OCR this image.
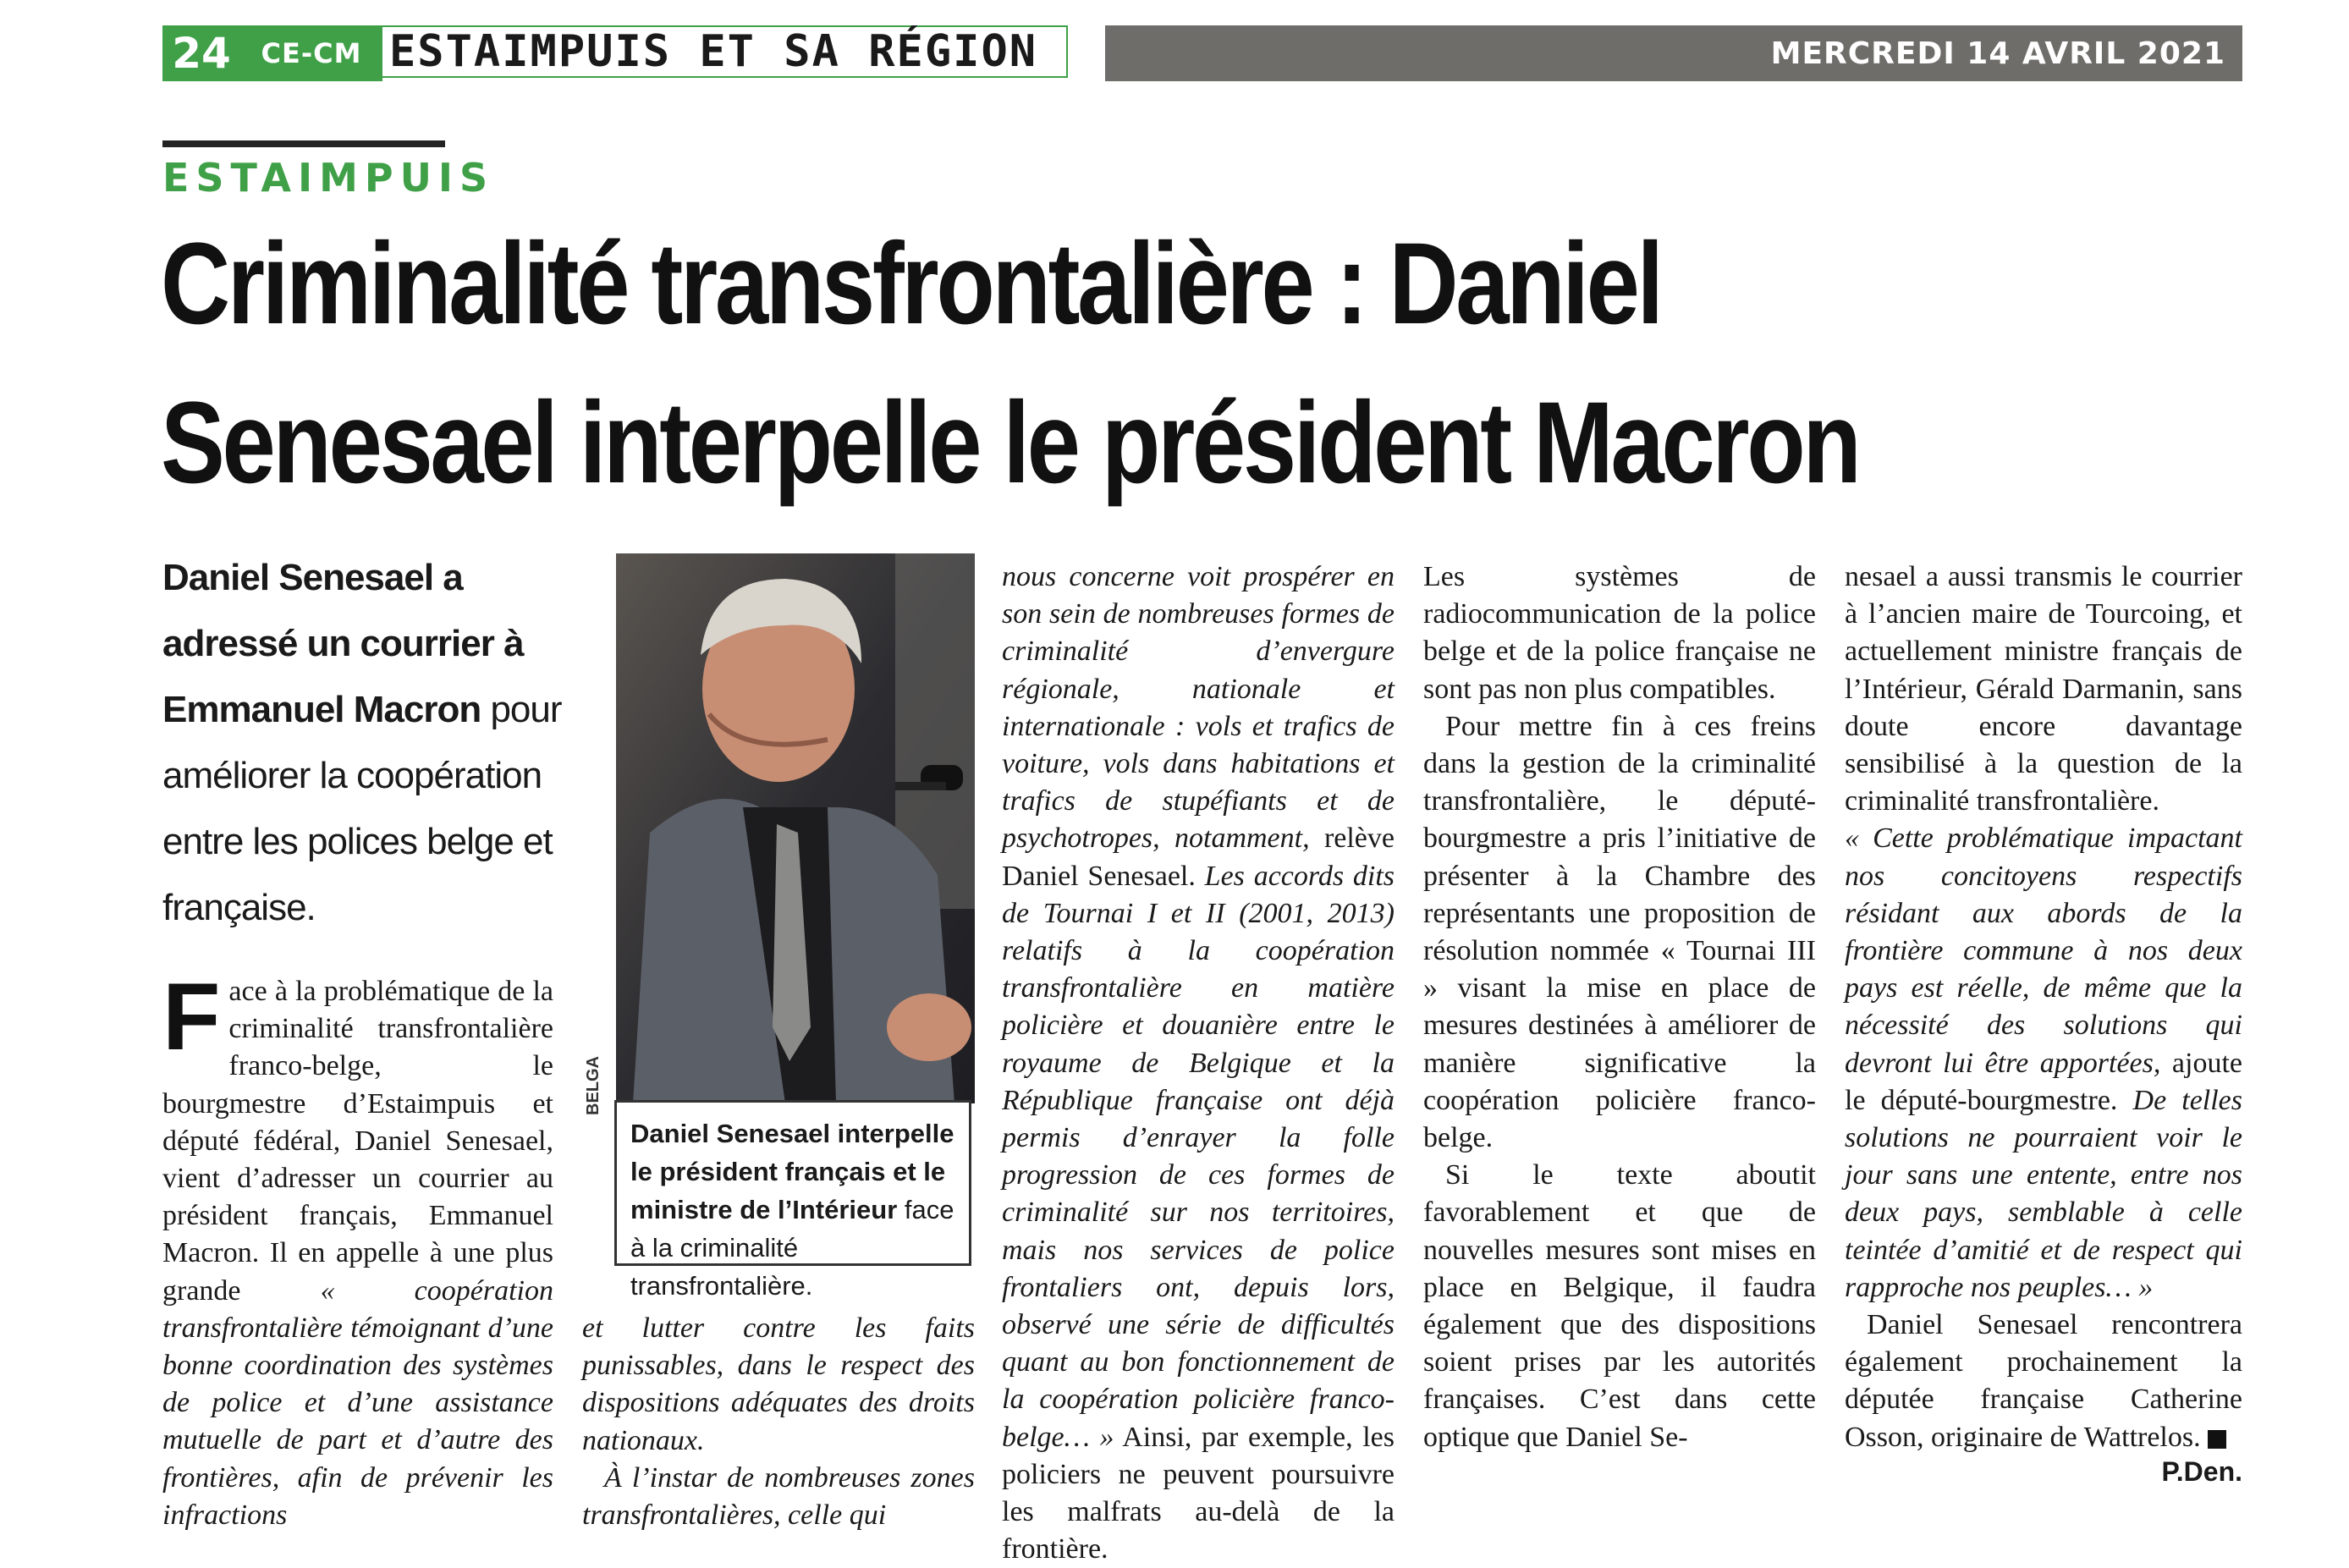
24	CE-CM ESTAIMPUIS ET SA RÉGION	MERCREDI 14 AVRIL 2021
ESTAIMPUIS
Criminalité transfrontalière : Daniel
Senesael interpelle le président Macron
Daniel Senesael a adressé un courrier à Emmanuel Macron pour améliorer la coopération entre les polices belge et française.
BELGA
Daniel Senesael interpelle le président français et le ministre de l’Intérieur face à la criminalité transfrontalière.

Face à la problématique de la criminalité transfrontalière franco-belge, le bourgmestre d’Estaimpuis et député fédéral, Daniel Senesael, vient d’adresser un courrier au président français, Emmanuel Macron. Il en appelle à une plus grande « coopération transfrontalière témoignant d’une bonne coordination des systèmes de police et d’une assistance mutuelle de part et d’autre des frontières, afin de prévenir les infractions

et lutter contre les faits punissables, dans le respect des dispositions adéquates des droits nationaux.

À l’instar de nombreuses zones transfrontalières, celle qui

nous concerne voit prospérer en son sein de nombreuses formes de criminalité d’envergure régionale, nationale et internationale : vols et trafics de voiture, vols dans habitations et trafics de stupéfiants et de psychotropes, notamment, relève Daniel Senesael. Les accords dits de Tournai I et II (2001, 2013) relatifs à la coopération transfrontalière en matière policière et douanière entre le royaume de Belgique et la République française ont déjà permis d’enrayer la folle progression de ces formes de criminalité sur nos territoires, mais nos services de police frontaliers ont, depuis lors, observé une série de difficultés quant au bon fonctionnement de la coopération policière franco-belge… » Ainsi, par exemple, les policiers ne peuvent poursuivre les malfrats au-delà de la frontière.

Les systèmes de radiocommunication de la police belge et de la police française ne sont pas non plus compatibles.

Pour mettre fin à ces freins dans la gestion de la criminalité transfrontalière, le député-bourgmestre a pris l’initiative de présenter à la Chambre des représentants une proposition de résolution nommée « Tournai III » visant la mise en place de mesures destinées à améliorer de manière significative la coopération policière franco-belge.

Si le texte aboutit favorablement et que de nouvelles mesures sont mises en place en Belgique, il faudra également que des dispositions soient prises par les autorités françaises. C’est dans cette optique que Daniel Se-

nesael a aussi transmis le courrier à l’ancien maire de Tourcoing, et actuellement ministre français de l’Intérieur, Gérald Darmanin, sans doute encore davantage sensibilisé à la question de la criminalité transfrontalière.

« Cette problématique impactant nos concitoyens respectifs résidant aux abords de la frontière commune à nos deux pays est réelle, de même que la nécessité des solutions qui devront lui être apportées, ajoute le député-bourgmestre. De telles solutions ne pourraient voir le jour sans une entente, entre nos deux pays, semblable à celle teintée d’amitié et de respect qui rapproche nos peuples… »

Daniel Senesael rencontrera également prochainement la députée française Catherine Osson, originaire de Wattrelos.
P.Den.
